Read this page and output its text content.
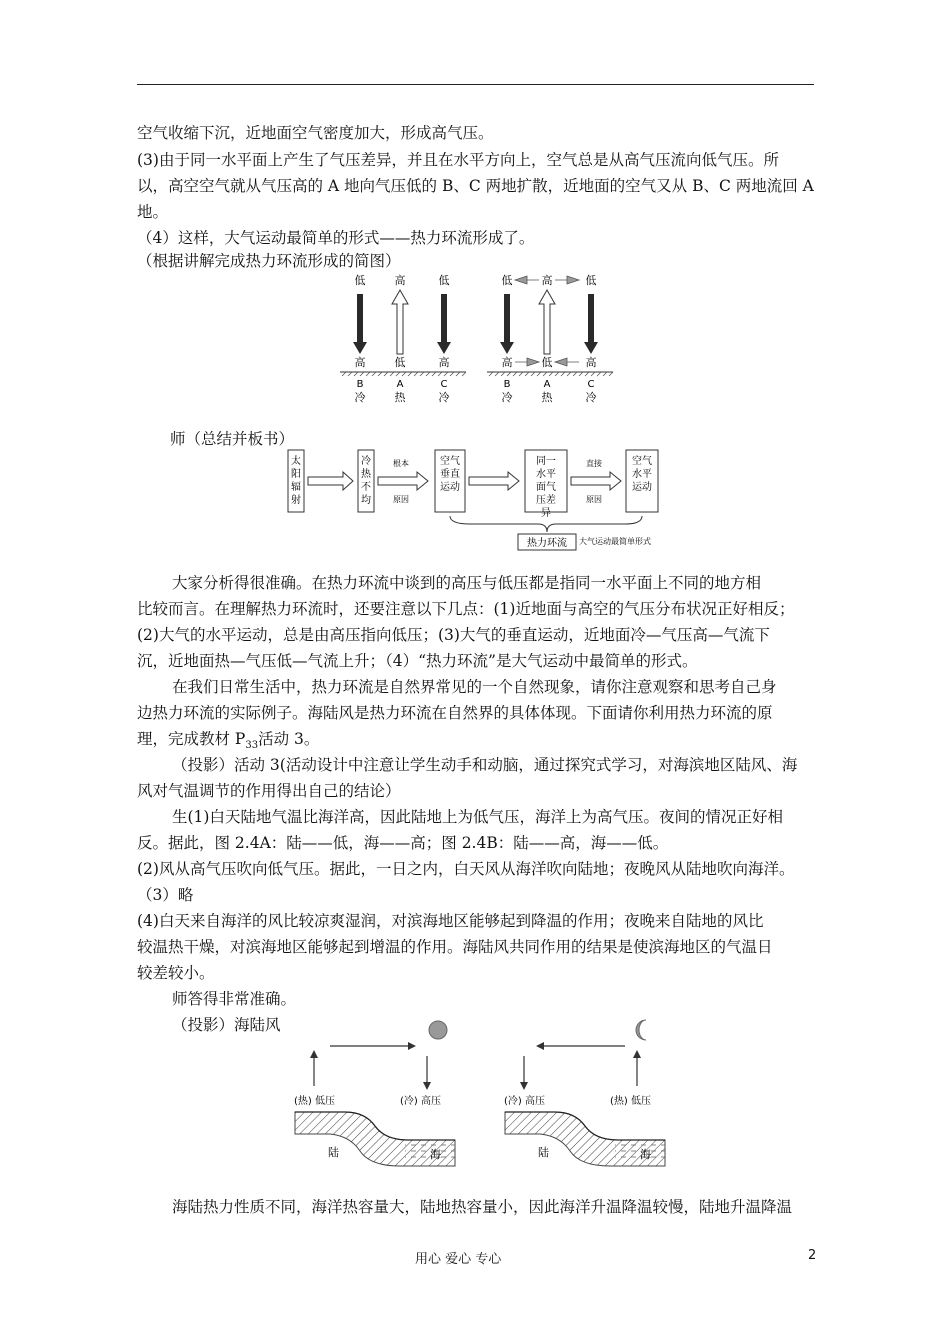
空气收缩下沉，近地面空气密度加大，形成高气压。
(3)由于同一水平面上产生了气压差异，并且在水平方向上，空气总是从高气压流向低气压。所
以，高空空气就从气压高的 A 地向气压低的 B、C 两地扩散，近地面的空气又从 B、C 两地流回 A
地。
（4）这样，大气运动最简单的形式——热力环流形成了。
（根据讲解完成热力环流形成的简图）
低	高	低
高	低	高
B	A	C
冷	热	冷
低	高	低
高	低	高
B	A	C
冷	热	冷
师（总结并板书）
太阳辐射
冷热不均
根本
原因
空气垂直运动
同一水平面气压差异
直接
原因
空气水平运动
热力环流 大气运动最简单形式
大家分析得很准确。在热力环流中谈到的高压与低压都是指同一水平面上不同的地方相
比较而言。在理解热力环流时，还要注意以下几点：(1)近地面与高空的气压分布状况正好相反；
(2)大气的水平运动，总是由高压指向低压；(3)大气的垂直运动，近地面冷—气压高—气流下
沉，近地面热—气压低—气流上升；（4）“热力环流”是大气运动中最简单的形式。
在我们日常生活中，热力环流是自然界常见的一个自然现象，请你注意观察和思考自己身
边热力环流的实际例子。海陆风是热力环流在自然界的具体体现。下面请你利用热力环流的原
理，完成教材 $P_{33}$活动 3。
（投影）活动 3(活动设计中注意让学生动手和动脑，通过探究式学习，对海滨地区陆风、海
风对气温调节的作用得出自己的结论）
生(1)白天陆地气温比海洋高，因此陆地上为低气压，海洋上为高气压。夜间的情况正好相
反。据此，图 2.4A：陆——低，海——高；图 2.4B：陆——高，海——低。
(2)风从高气压吹向低气压。据此，一日之内，白天风从海洋吹向陆地；夜晚风从陆地吹向海洋。
（3）略
(4)白天来自海洋的风比较凉爽湿润，对滨海地区能够起到降温的作用；夜晚来自陆地的风比
较温热干燥，对滨海地区能够起到增温的作用。海陆风共同作用的结果是使滨海地区的气温日
较差较小。
师答得非常准确。
（投影）海陆风
(热) 低压	(冷) 高压
陆	海
(冷) 高压	(热) 低压
陆	海
海陆热力性质不同，海洋热容量大，陆地热容量小，因此海洋升温降温较慢，陆地升温降温
用心 爱心 专心	2
